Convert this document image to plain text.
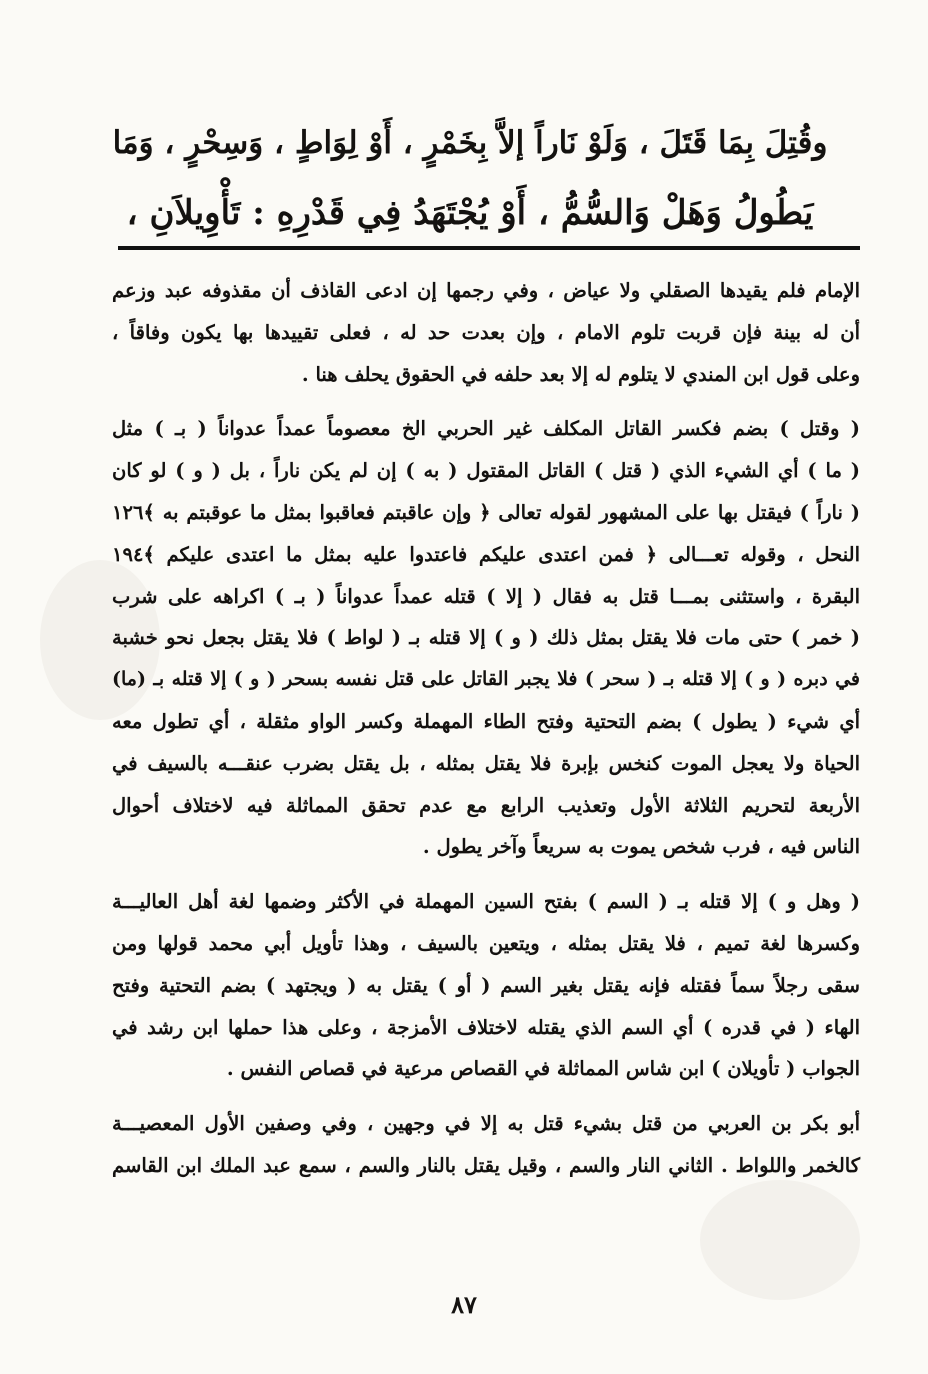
وقُتِلَ بِمَا قَتَلَ ، وَلَوْ نَاراً إلاَّ بِخَمْرٍ ، أَوْ لِوَاطٍ ، وَسِحْرٍ ، وَمَا
يَطُولُ وَهَلْ وَالسُّمُّ ، أَوْ يُجْتَهَدُ فِي قَدْرِهِ : تَأْوِيلاَنِ ،
الإمام فلم يقيدها الصقلي ولا عياض ، وفي رجمها إن ادعى القاذف أن مقذوفه عبد وزعم
أن له بينة فإن قربت تلوم الامام ، وإن بعدت حد له ، فعلى تقييدها بها يكون وفاقاً ،
وعلى قول ابن المندي لا يتلوم له إلا بعد حلفه في الحقوق يحلف هنا .
( وقتل ) بضم فكسر القاتل المكلف غير الحربي الخ معصوماً عمداً عدواناً ( بـ ) مثل
( ما ) أي الشيء الذي ( قتل ) القاتل المقتول ( به ) إن لم يكن ناراً ، بل ( و ) لو كان
( ناراً ) فيقتل بها على المشهور لقوله تعالى ﴿ وإن عاقبتم فعاقبوا بمثل ما عوقبتم به ﴾١٢٦
النحل ، وقوله تعـــالى ﴿ فمن اعتدى عليكم فاعتدوا عليه بمثل ما اعتدى عليكم ﴾١٩٤
البقرة ، واستثنى بمـــا قتل به فقال ( إلا ) قتله عمداً عدواناً ( بـ ) اكراهه على شرب
( خمر ) حتى مات فلا يقتل بمثل ذلك ( و ) إلا قتله بـ ( لواط ) فلا يقتل بجعل نحو خشبة
في دبره ( و ) إلا قتله بـ ( سحر ) فلا يجبر القاتل على قتل نفسه بسحر ( و ) إلا قتله بـ (ما)
أي شيء ( يطول ) بضم التحتية وفتح الطاء المهملة وكسر الواو مثقلة ، أي تطول معه
الحياة ولا يعجل الموت كنخس بإبرة فلا يقتل بمثله ، بل يقتل بضرب عنقـــه بالسيف في
الأربعة لتحريم الثلاثة الأول وتعذيب الرابع مع عدم تحقق المماثلة فيه لاختلاف أحوال
الناس فيه ، فرب شخص يموت به سريعاً وآخر يطول .
( وهل و ) إلا قتله بـ ( السم ) بفتح السين المهملة في الأكثر وضمها لغة أهل العاليـــة
وكسرها لغة تميم ، فلا يقتل بمثله ، ويتعين بالسيف ، وهذا تأويل أبي محمد قولها ومن
سقى رجلاً سماً فقتله فإنه يقتل بغير السم ( أو ) يقتل به ( ويجتهد ) بضم التحتية وفتح
الهاء ( في قدره ) أي السم الذي يقتله لاختلاف الأمزجة ، وعلى هذا حملها ابن رشد في
الجواب ( تأويلان ) ابن شاس المماثلة في القصاص مرعية في قصاص النفس .
أبو بكر بن العربي من قتل بشيء قتل به إلا في وجهين ، وفي وصفين الأول المعصيـــة
كالخمر واللواط . الثاني النار والسم ، وقيل يقتل بالنار والسم ، سمع عبد الملك ابن القاسم
٨٧
